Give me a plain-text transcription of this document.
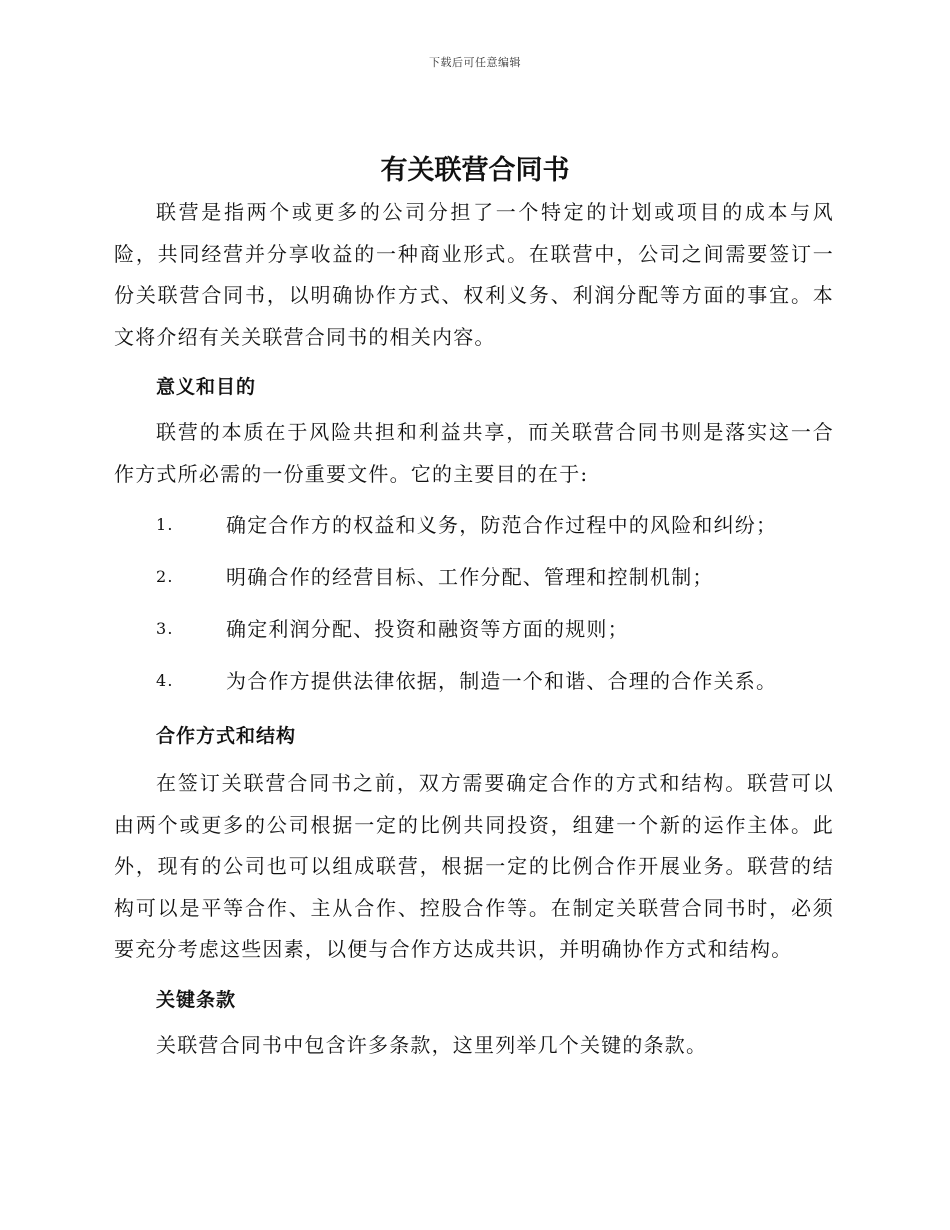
下载后可任意编辑
有关联营合同书

联营是指两个或更多的公司分担了一个特定的计划或项目的成本与风险，共同经营并分享收益的一种商业形式。在联营中，公司之间需要签订一份关联营合同书，以明确协作方式、权利义务、利润分配等方面的事宜。本文将介绍有关关联营合同书的相关内容。

意义和目的

联营的本质在于风险共担和利益共享，而关联营合同书则是落实这一合作方式所必需的一份重要文件。它的主要目的在于:

1.	确定合作方的权益和义务，防范合作过程中的风险和纠纷；
2.	明确合作的经营目标、工作分配、管理和控制机制；
3.	确定利润分配、投资和融资等方面的规则；
4.	为合作方提供法律依据，制造一个和谐、合理的合作关系。
合作方式和结构

在签订关联营合同书之前，双方需要确定合作的方式和结构。联营可以由两个或更多的公司根据一定的比例共同投资，组建一个新的运作主体。此外，现有的公司也可以组成联营，根据一定的比例合作开展业务。联营的结构可以是平等合作、主从合作、控股合作等。在制定关联营合同书时，必须要充分考虑这些因素，以便与合作方达成共识，并明确协作方式和结构。

关键条款

关联营合同书中包含许多条款，这里列举几个关键的条款。
